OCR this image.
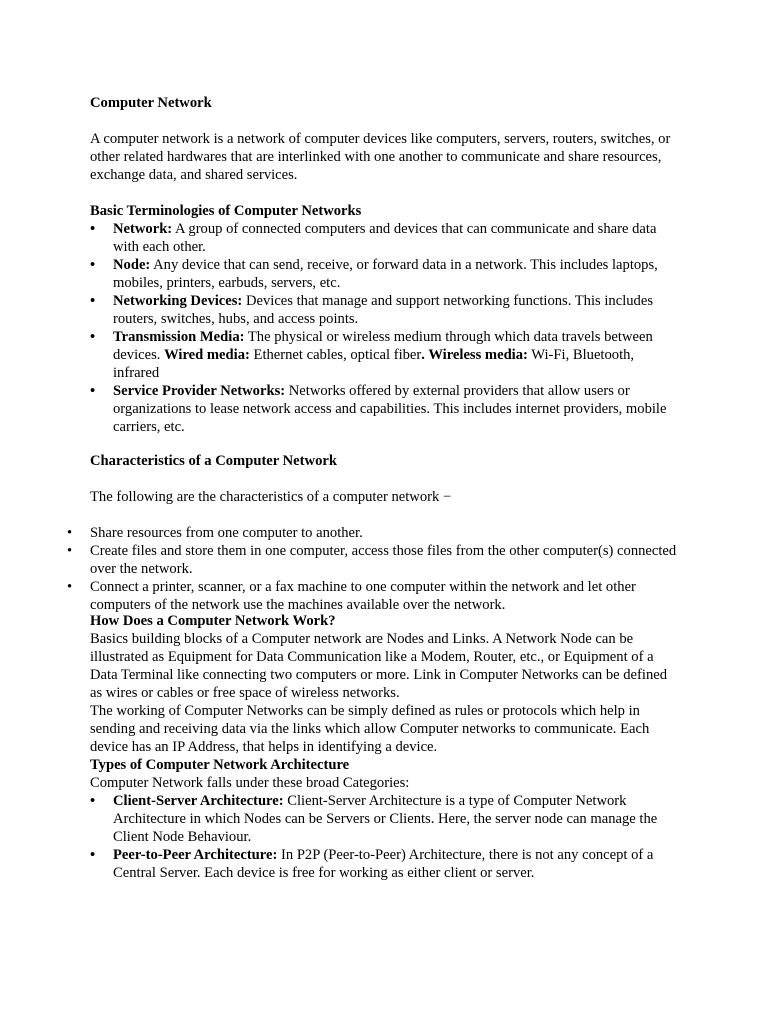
Computer Network

A computer network is a network of computer devices like computers, servers, routers, switches, or other related hardwares that are interlinked with one another to communicate and share resources, exchange data, and shared services.

Basic Terminologies of Computer Networks

• Network: A group of connected computers and devices that can communicate and share data with each other.
• Node: Any device that can send, receive, or forward data in a network. This includes laptops, mobiles, printers, earbuds, servers, etc.
• Networking Devices: Devices that manage and support networking functions. This includes routers, switches, hubs, and access points.
• Transmission Media: The physical or wireless medium through which data travels between devices. Wired media: Ethernet cables, optical fiber. Wireless media: Wi-Fi, Bluetooth, infrared
• Service Provider Networks: Networks offered by external providers that allow users or organizations to lease network access and capabilities. This includes internet providers, mobile carriers, etc.

Characteristics of a Computer Network

The following are the characteristics of a computer network −

• Share resources from one computer to another.
• Create files and store them in one computer, access those files from the other computer(s) connected over the network.
• Connect a printer, scanner, or a fax machine to one computer within the network and let other computers of the network use the machines available over the network.

How Does a Computer Network Work?

Basics building blocks of a Computer network are Nodes and Links. A Network Node can be illustrated as Equipment for Data Communication like a Modem, Router, etc., or Equipment of a Data Terminal like connecting two computers or more. Link in Computer Networks can be defined as wires or cables or free space of wireless networks.

The working of Computer Networks can be simply defined as rules or protocols which help in sending and receiving data via the links which allow Computer networks to communicate. Each device has an IP Address, that helps in identifying a device.

Types of Computer Network Architecture

Computer Network falls under these broad Categories:

• Client-Server Architecture: Client-Server Architecture is a type of Computer Network Architecture in which Nodes can be Servers or Clients. Here, the server node can manage the Client Node Behaviour.
• Peer-to-Peer Architecture: In P2P (Peer-to-Peer) Architecture, there is not any concept of a Central Server. Each device is free for working as either client or server.
